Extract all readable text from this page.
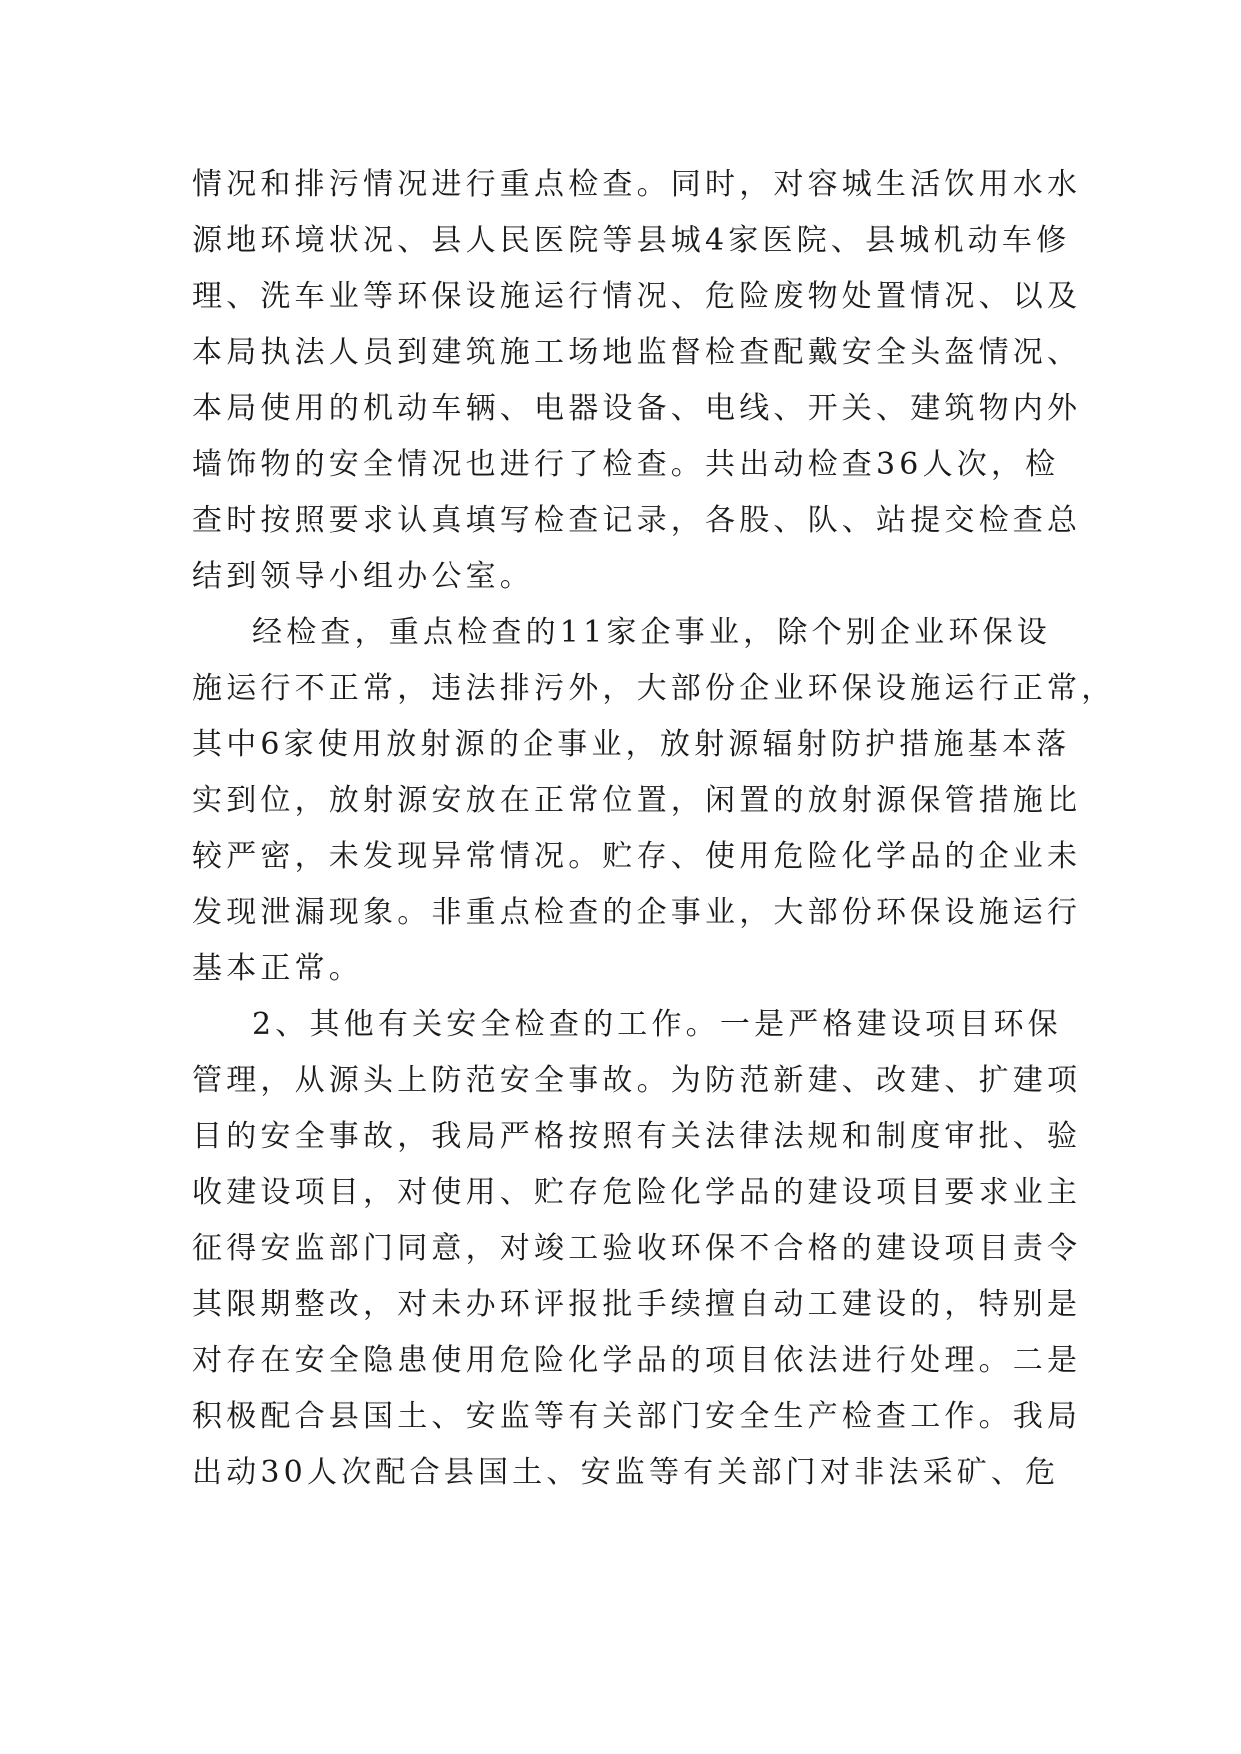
情况和排污情况进行重点检查。同时，对容城生活饮用水水
源地环境状况、县人民医院等县城4家医院、县城机动车修
理、洗车业等环保设施运行情况、危险废物处置情况、以及
本局执法人员到建筑施工场地监督检查配戴安全头盔情况、
本局使用的机动车辆、电器设备、电线、开关、建筑物内外
墙饰物的安全情况也进行了检查。共出动检查36人次，检
查时按照要求认真填写检查记录，各股、队、站提交检查总
结到领导小组办公室。
经检查，重点检查的11家企事业，除个别企业环保设
施运行不正常，违法排污外，大部份企业环保设施运行正常，
其中6家使用放射源的企事业，放射源辐射防护措施基本落
实到位，放射源安放在正常位置，闲置的放射源保管措施比
较严密，未发现异常情况。贮存、使用危险化学品的企业未
发现泄漏现象。非重点检查的企事业，大部份环保设施运行
基本正常。
2、其他有关安全检查的工作。一是严格建设项目环保
管理，从源头上防范安全事故。为防范新建、改建、扩建项
目的安全事故，我局严格按照有关法律法规和制度审批、验
收建设项目，对使用、贮存危险化学品的建设项目要求业主
征得安监部门同意，对竣工验收环保不合格的建设项目责令
其限期整改，对未办环评报批手续擅自动工建设的，特别是
对存在安全隐患使用危险化学品的项目依法进行处理。二是
积极配合县国土、安监等有关部门安全生产检查工作。我局
出动30人次配合县国土、安监等有关部门对非法采矿、危
